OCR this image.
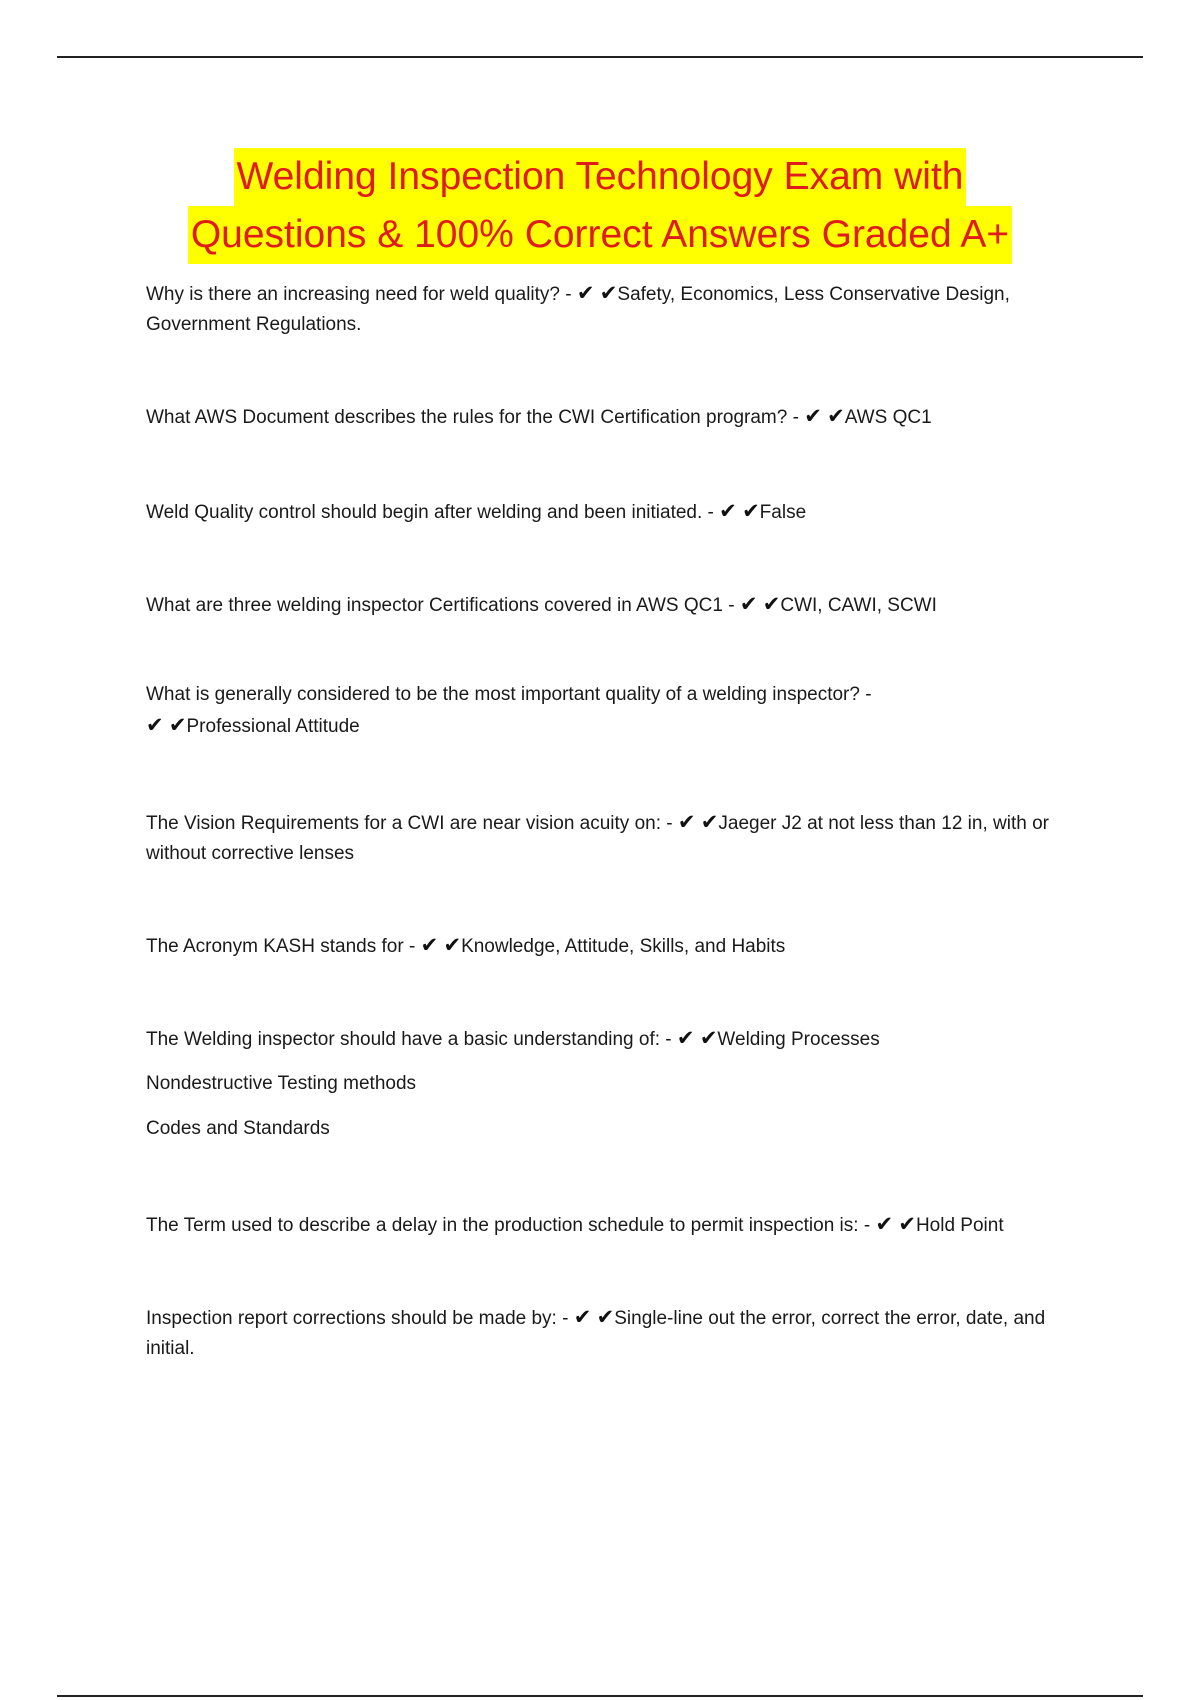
Welding Inspection Technology Exam with
Questions & 100% Correct Answers Graded A+
Why is there an increasing need for weld quality? - ✔ ✔Safety, Economics, Less Conservative Design, Government Regulations.
What AWS Document describes the rules for the CWI Certification program? - ✔ ✔AWS QC1
Weld Quality control should begin after welding and been initiated. - ✔ ✔False
What are three welding inspector Certifications covered in AWS QC1 - ✔ ✔CWI, CAWI, SCWI
What is generally considered to be the most important quality of a welding inspector? -
✔ ✔Professional Attitude
The Vision Requirements for a CWI are near vision acuity on: - ✔ ✔Jaeger J2 at not less than 12 in, with or without corrective lenses
The Acronym KASH stands for - ✔ ✔Knowledge, Attitude, Skills, and Habits
The Welding inspector should have a basic understanding of: - ✔ ✔Welding Processes
Nondestructive Testing methods
Codes and Standards
The Term used to describe a delay in the production schedule to permit inspection is: - ✔ ✔Hold Point
Inspection report corrections should be made by: - ✔ ✔Single-line out the error, correct the error, date, and initial.
